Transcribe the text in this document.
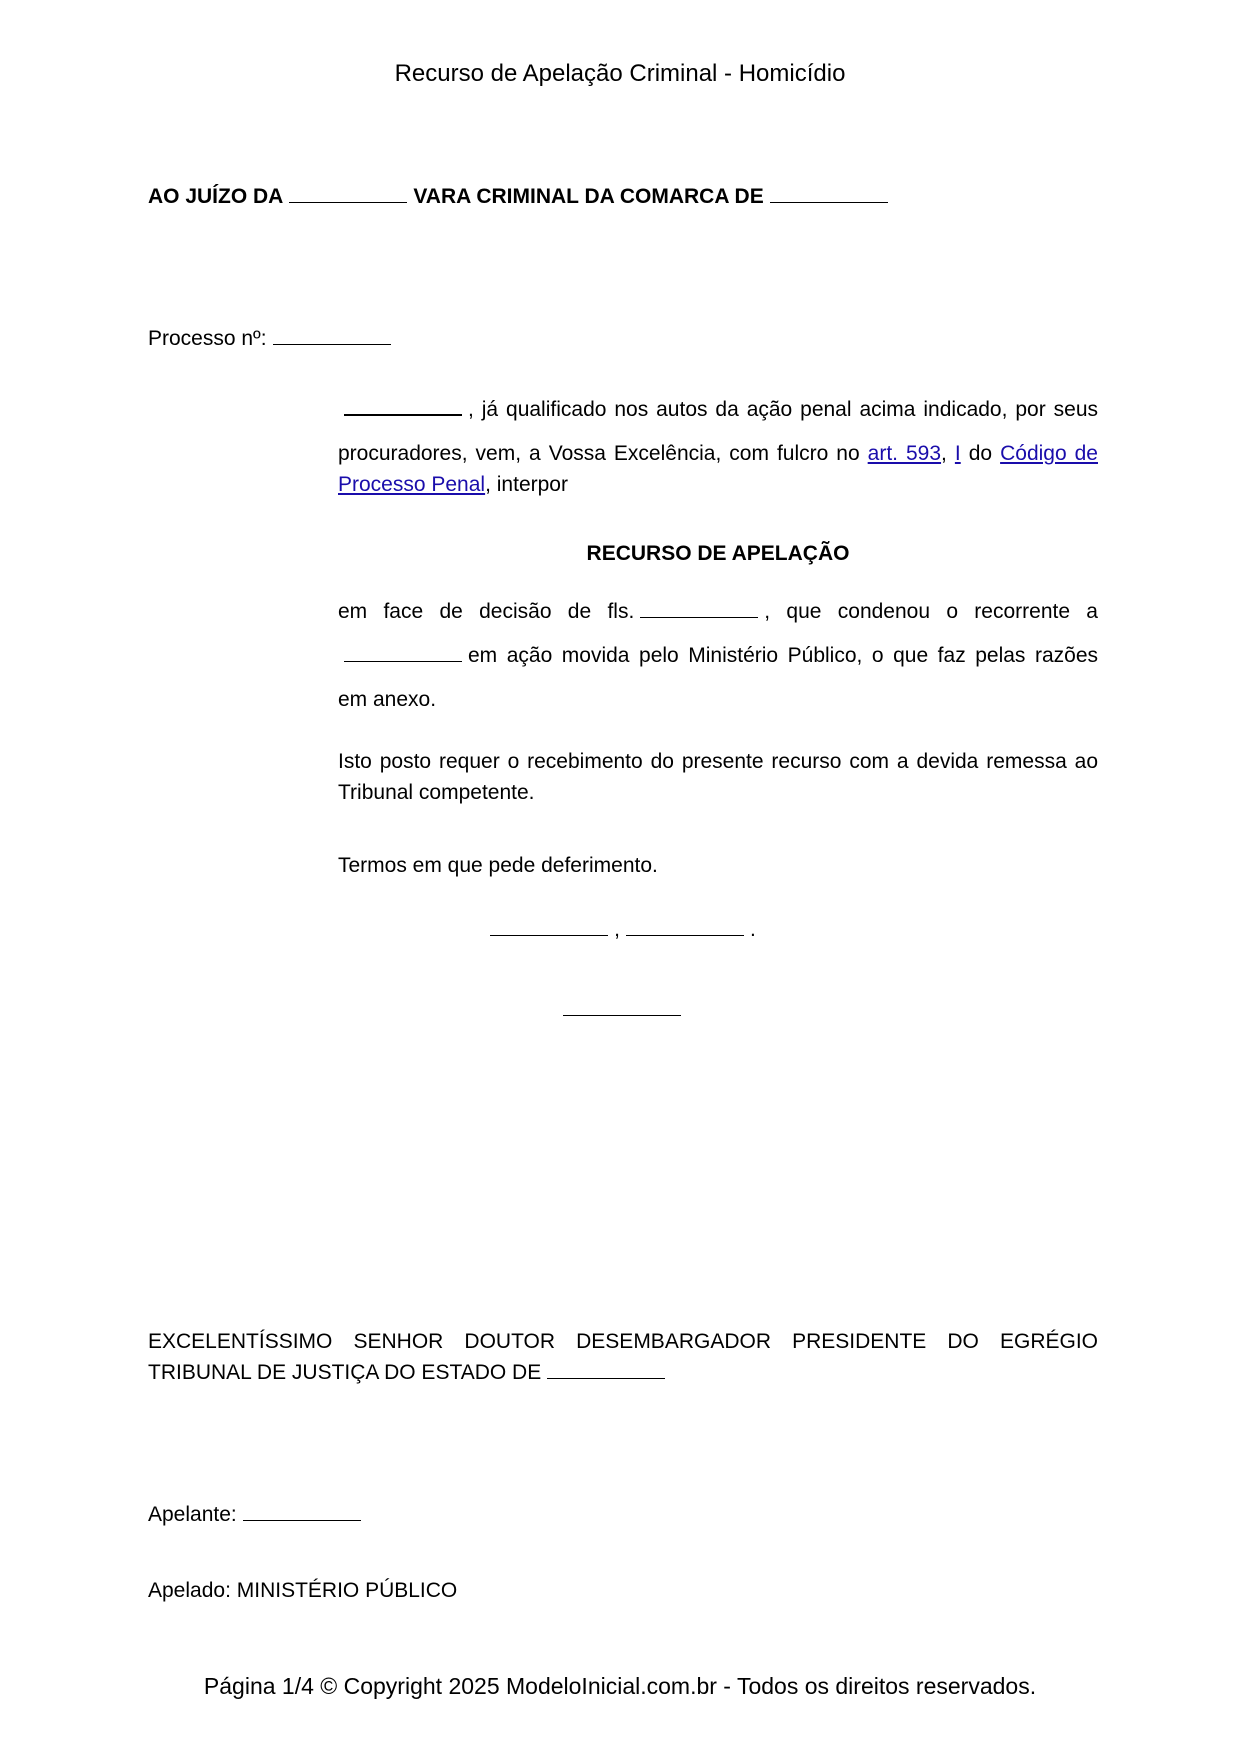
Recurso de Apelação Criminal - Homicídio
AO JUÍZO DA	VARA CRIMINAL DA COMARCA DE
Processo nº:
, já qualificado nos autos da ação penal acima indicado, por seus
procuradores, vem, a Vossa Excelência, com fulcro no art. 593, I do Código de
Processo Penal, interpor
RECURSO DE APELAÇÃO
em face de decisão de fls.	, que condenou o recorrente a
em ação movida pelo Ministério Público, o que faz pelas razões
em anexo.
Isto posto requer o recebimento do presente recurso com a devida remessa ao
Tribunal competente.
Termos em que pede deferimento.
,	.
EXCELENTÍSSIMO SENHOR DOUTOR DESEMBARGADOR PRESIDENTE DO EGRÉGIO
TRIBUNAL DE JUSTIÇA DO ESTADO DE
Apelante:
Apelado: MINISTÉRIO PÚBLICO
Página 1/4 © Copyright 2025 ModeloInicial.com.br - Todos os direitos reservados.
